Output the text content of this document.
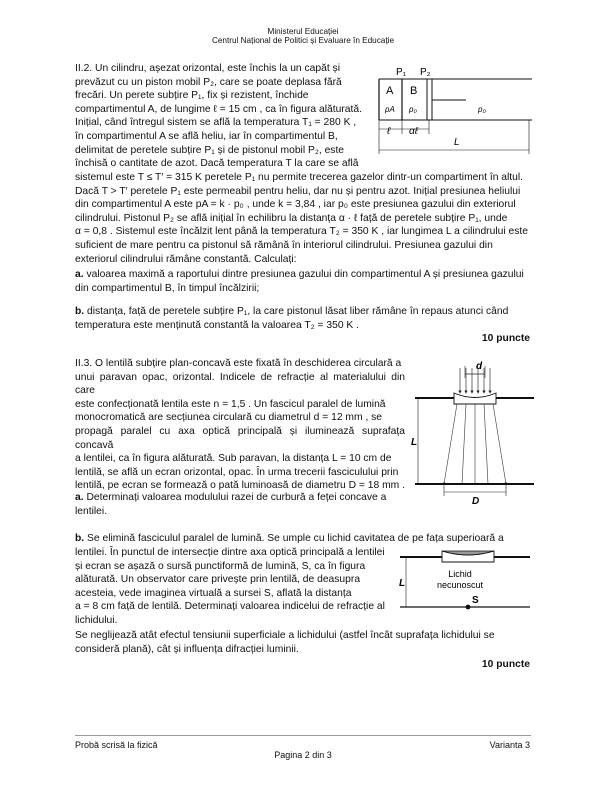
Ministerul Educației
Centrul Național de Politici și Evaluare în Educație
II.2. Un cilindru, așezat orizontal, este închis la un capăt și
prevăzut cu un piston mobil P₂, care se poate deplasa fără
frecări. Un perete subțire P₁, fix și rezistent, închide
compartimentul A, de lungime ℓ = 15 cm , ca în figura alăturată.
Inițial, când întregul sistem se află la temperatura T₁ = 280 K ,
în compartimentul A se află heliu, iar în compartimentul B,
delimitat de peretele subțire P₁ și de pistonul mobil P₂, este
închisă o cantitate de azot. Dacă temperatura T la care se află
P₁ P₂
A B
pA p₀	p₀
ℓ αℓ
L
sistemul este T ≤ T′ = 315 K peretele P₁ nu permite trecerea gazelor dintr-un compartiment în altul.
Dacă T > T′ peretele P₁ este permeabil pentru heliu, dar nu și pentru azot. Inițial presiunea heliului
din compartimentul A este pA = k · p₀ , unde k = 3,84 , iar p₀ este presiunea gazului din exteriorul
cilindrului. Pistonul P₂ se află inițial în echilibru la distanța α · ℓ față de peretele subțire P₁, unde
α = 0,8 . Sistemul este încălzit lent până la temperatura T₂ = 350 K , iar lungimea L a cilindrului este
suficient de mare pentru ca pistonul să rămână în interiorul cilindrului. Presiunea gazului din
exteriorul cilindrului rămâne constantă. Calculați:
a. valoarea maximă a raportului dintre presiunea gazului din compartimentul A și presiunea gazului
din compartimentul B, în timpul încălzirii;
b. distanța, față de peretele subțire P₁, la care pistonul lăsat liber rămâne în repaus atunci când
temperatura este menținută constantă la valoarea T₂ = 350 K .
10 puncte
II.3. O lentilă subțire plan-concavă este fixată în deschiderea circulară a
unui paravan opac, orizontal. Indicele de refracție al materialului din care
este confecționată lentila este n = 1,5 . Un fascicul paralel de lumină
monocromatică are secțiunea circulară cu diametrul d = 12 mm , se
propagă paralel cu axa optică principală și iluminează suprafața concavă
a lentilei, ca în figura alăturată. Sub paravan, la distanța L = 10 cm de
lentilă, se află un ecran orizontal, opac. În urma trecerii fasciculului prin
lentilă, pe ecran se formează o pată luminoasă de diametru D = 18 mm .
d
L
D
a. Determinați valoarea modulului razei de curbură a feței concave a
lentilei.
b. Se elimină fasciculul paralel de lumină. Se umple cu lichid cavitatea de pe fața superioară a
lentilei. În punctul de intersecție dintre axa optică principală a lentilei
și ecran se așază o sursă punctiformă de lumină, S, ca în figura
alăturată. Un observator care privește prin lentilă, de deasupra
acesteia, vede imaginea virtuală a sursei S, aflată la distanța
a = 8 cm față de lentilă. Determinați valoarea indicelui de refracție al
lichidului.
L
Lichid
necunoscut
S
Se neglijează atât efectul tensiunii superficiale a lichidului (astfel încât suprafața lichidului se
consideră plană), cât și influența difracției luminii.
10 puncte
Probă scrisă la fizică
Pagina 2 din 3
Varianta 3
